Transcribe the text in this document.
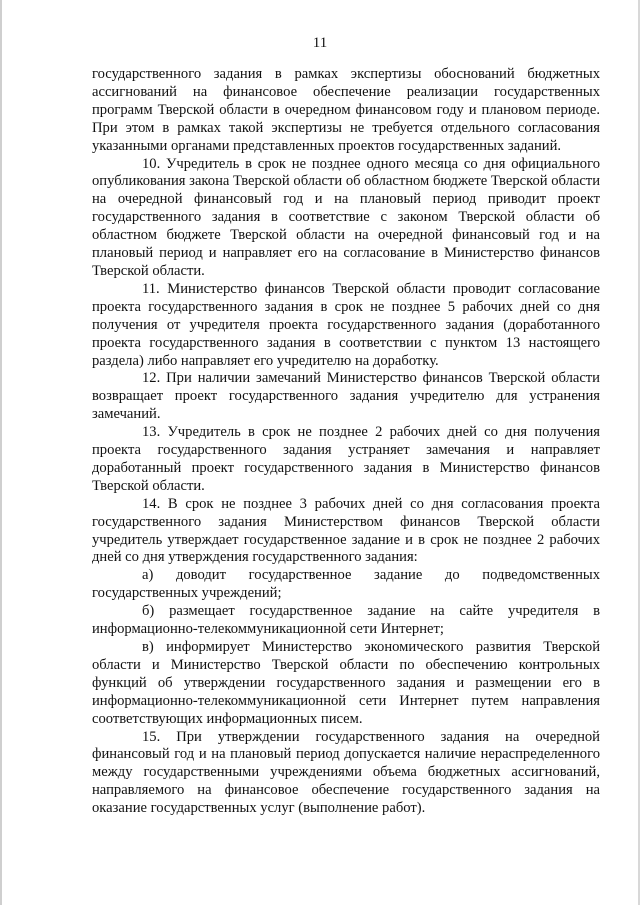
11

государственного задания в рамках экспертизы обоснований бюджетных ассигнований на финансовое обеспечение реализации государственных программ Тверской области в очередном финансовом году и плановом периоде. При этом в рамках такой экспертизы не требуется отдельного согласования указанными органами представленных проектов государственных заданий.

10. Учредитель в срок не позднее одного месяца со дня официального опубликования закона Тверской области об областном бюджете Тверской области на очередной финансовый год и на плановый период приводит проект государственного задания в соответствие с законом Тверской области об областном бюджете Тверской области на очередной финансовый год и на плановый период и направляет его на согласование в Министерство финансов Тверской области.

11. Министерство финансов Тверской области проводит согласование проекта государственного задания в срок не позднее 5 рабочих дней со дня получения от учредителя проекта государственного задания (доработанного проекта государственного задания в соответствии с пунктом 13 настоящего раздела) либо направляет его учредителю на доработку.

12. При наличии замечаний Министерство финансов Тверской области возвращает проект государственного задания учредителю для устранения замечаний.

13. Учредитель в срок не позднее 2 рабочих дней со дня получения проекта государственного задания устраняет замечания и направляет доработанный проект государственного задания в Министерство финансов Тверской области.

14. В срок не позднее 3 рабочих дней со дня согласования проекта государственного задания Министерством финансов Тверской области учредитель утверждает государственное задание и в срок не позднее 2 рабочих дней со дня утверждения государственного задания:

а) доводит государственное задание до подведомственных государственных учреждений;

б) размещает государственное задание на сайте учредителя в информационно-телекоммуникационной сети Интернет;

в) информирует Министерство экономического развития Тверской области и Министерство Тверской области по обеспечению контрольных функций об утверждении государственного задания и размещении его в информационно-телекоммуникационной сети Интернет путем направления соответствующих информационных писем.

15. При утверждении государственного задания на очередной финансовый год и на плановый период допускается наличие нераспределенного между государственными учреждениями объема бюджетных ассигнований, направляемого на финансовое обеспечение государственного задания на оказание государственных услуг (выполнение работ).
